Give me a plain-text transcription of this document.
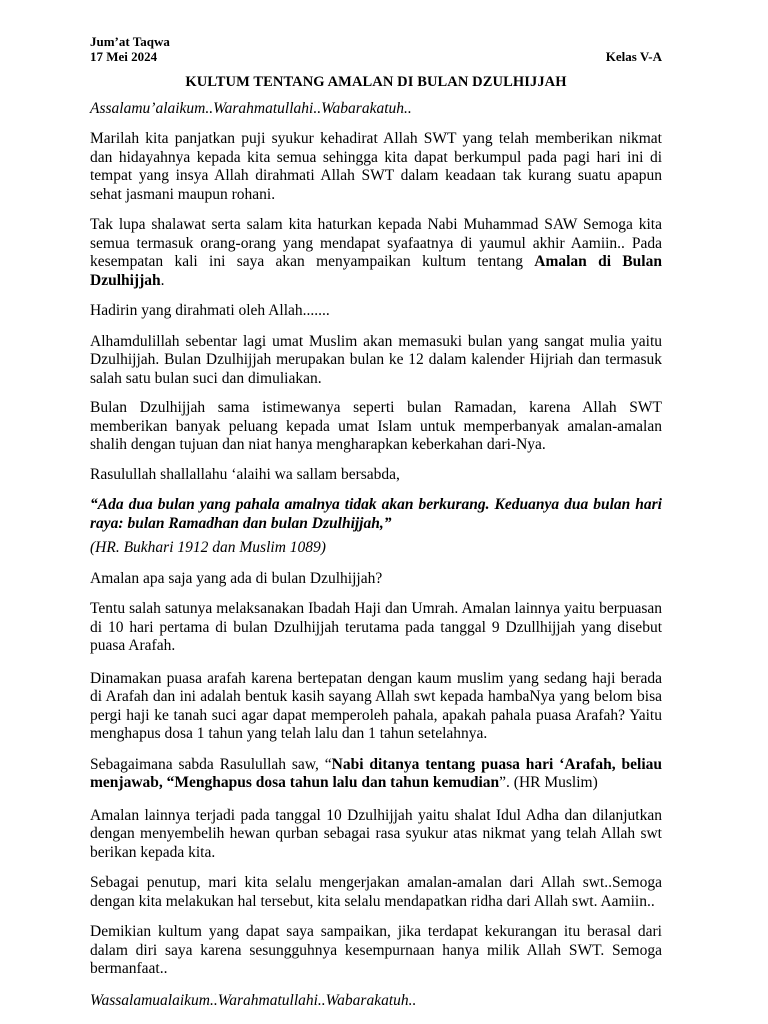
Jum’at Taqwa
17 Mei 2024	Kelas V-A
KULTUM TENTANG AMALAN DI BULAN DZULHIJJAH
Assalamu’alaikum..Warahmatullahi..Wabarakatuh..

Marilah kita panjatkan puji syukur kehadirat Allah SWT yang telah memberikan nikmat dan hidayahnya kepada kita semua sehingga kita dapat berkumpul pada pagi hari ini di tempat yang insya Allah dirahmati Allah SWT dalam keadaan tak kurang suatu apapun sehat jasmani maupun rohani.

Tak lupa shalawat serta salam kita haturkan kepada Nabi Muhammad SAW Semoga kita semua termasuk orang-orang yang mendapat syafaatnya di yaumul akhir Aamiin.. Pada kesempatan kali ini saya akan menyampaikan kultum tentang Amalan di Bulan Dzulhijjah.

Hadirin yang dirahmati oleh Allah.......

Alhamdulillah sebentar lagi umat Muslim akan memasuki bulan yang sangat mulia yaitu Dzulhijjah. Bulan Dzulhijjah merupakan bulan ke 12 dalam kalender Hijriah dan termasuk salah satu bulan suci dan dimuliakan.

Bulan Dzulhijjah sama istimewanya seperti bulan Ramadan, karena Allah SWT memberikan banyak peluang kepada umat Islam untuk memperbanyak amalan-amalan shalih dengan tujuan dan niat hanya mengharapkan keberkahan dari-Nya.

Rasulullah shallallahu ‘alaihi wa sallam bersabda,

“Ada dua bulan yang pahala amalnya tidak akan berkurang. Keduanya dua bulan hari raya: bulan Ramadhan dan bulan Dzulhijjah,”

(HR. Bukhari 1912 dan Muslim 1089)

Amalan apa saja yang ada di bulan Dzulhijjah?

Tentu salah satunya melaksanakan Ibadah Haji dan Umrah. Amalan lainnya yaitu berpuasan di 10 hari pertama di bulan Dzulhijjah terutama pada tanggal 9 Dzullhijjah yang disebut puasa Arafah.

Dinamakan puasa arafah karena bertepatan dengan kaum muslim yang sedang haji berada di Arafah dan ini adalah bentuk kasih sayang Allah swt kepada hambaNya yang belom bisa pergi haji ke tanah suci agar dapat memperoleh pahala, apakah pahala puasa Arafah? Yaitu menghapus dosa 1 tahun yang telah lalu dan 1 tahun setelahnya.

Sebagaimana sabda Rasulullah saw, “Nabi ditanya tentang puasa hari ‘Arafah, beliau menjawab, “Menghapus dosa tahun lalu dan tahun kemudian”. (HR Muslim)

Amalan lainnya terjadi pada tanggal 10 Dzulhijjah yaitu shalat Idul Adha dan dilanjutkan dengan menyembelih hewan qurban sebagai rasa syukur atas nikmat yang telah Allah swt berikan kepada kita.

Sebagai penutup, mari kita selalu mengerjakan amalan-amalan dari Allah swt..Semoga dengan kita melakukan hal tersebut, kita selalu mendapatkan ridha dari Allah swt. Aamiin..

Demikian kultum yang dapat saya sampaikan, jika terdapat kekurangan itu berasal dari dalam diri saya karena sesungguhnya kesempurnaan hanya milik Allah SWT. Semoga bermanfaat..

Wassalamualaikum..Warahmatullahi..Wabarakatuh..
